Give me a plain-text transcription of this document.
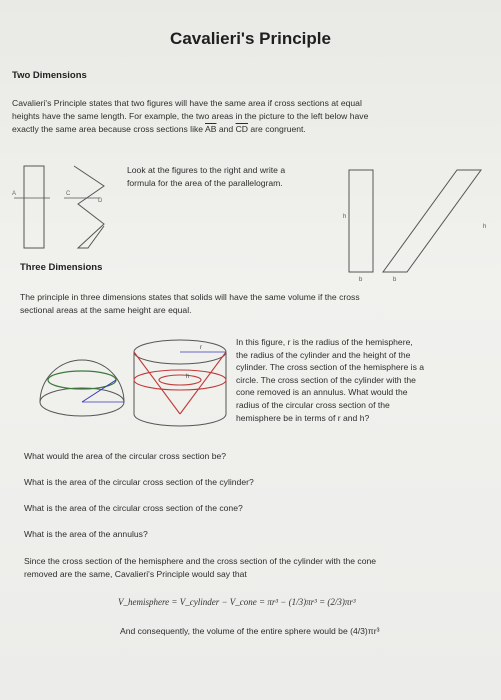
Cavalieri's Principle
Two Dimensions
Cavalieri's Principle states that two figures will have the same area if cross sections at equal
heights have the same length. For example, the two areas in the picture to the left below have
exactly the same area because cross sections like $\overline{AB}$ and $\overline{CD}$ are congruent.
A	C
D
Look at the figures to the right and write a
formula for the area of the parallelogram.
h
h
b	b
Three Dimensions
The principle in three dimensions states that solids will have the same volume if the cross
sectional areas at the same height are equal.
r
h
In this figure, r is the radius of the hemisphere,
the radius of the cylinder and the height of the
cylinder. The cross section of the hemisphere is a
circle. The cross section of the cylinder with the
cone removed is an annulus. What would the
radius of the circular cross section of the
hemisphere be in terms of r and h?
What would the area of the circular cross section be?
What is the area of the circular cross section of the cylinder?
What is the area of the circular cross section of the cone?
What is the area of the annulus?
Since the cross section of the hemisphere and the cross section of the cylinder with the cone
removed are the same, Cavalieri's Principle would say that
V_hemisphere = V_cylinder − V_cone = πr³ − (1/3)πr³ = (2/3)πr³
And consequently, the volume of the entire sphere would be (4/3)πr³
